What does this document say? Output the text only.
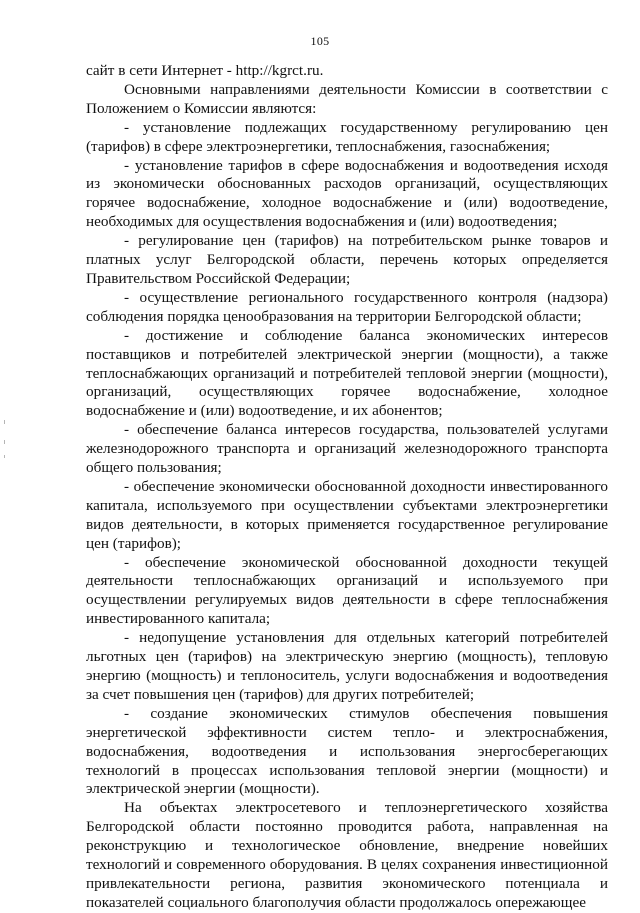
105

сайт в сети Интернет - http://kgrct.ru.

Основными направлениями деятельности Комиссии в соответствии с Положением о Комиссии являются:

- установление подлежащих государственному регулированию цен (тарифов) в сфере электроэнергетики, теплоснабжения, газоснабжения;

- установление тарифов в сфере водоснабжения и водоотведения исходя из экономически обоснованных расходов организаций, осуществляющих горячее водоснабжение, холодное водоснабжение и (или) водоотведение, необходимых для осуществления водоснабжения и (или) водоотведения;

- регулирование цен (тарифов) на потребительском рынке товаров и платных услуг Белгородской области, перечень которых определяется Правительством Российской Федерации;

- осуществление регионального государственного контроля (надзора) соблюдения порядка ценообразования на территории Белгородской области;

- достижение и соблюдение баланса экономических интересов поставщиков и потребителей электрической энергии (мощности), а также теплоснабжающих организаций и потребителей тепловой энергии (мощности), организаций, осуществляющих горячее водоснабжение, холодное водоснабжение и (или) водоотведение, и их абонентов;

- обеспечение баланса интересов государства, пользователей услугами железнодорожного транспорта и организаций железнодорожного транспорта общего пользования;

- обеспечение экономически обоснованной доходности инвестированного капитала, используемого при осуществлении субъектами электроэнергетики видов деятельности, в которых применяется государственное регулирование цен (тарифов);

- обеспечение экономической обоснованной доходности текущей деятельности теплоснабжающих организаций и используемого при осуществлении регулируемых видов деятельности в сфере теплоснабжения инвестированного капитала;

- недопущение установления для отдельных категорий потребителей льготных цен (тарифов) на электрическую энергию (мощность), тепловую энергию (мощность) и теплоноситель, услуги водоснабжения и водоотведения за счет повышения цен (тарифов) для других потребителей;

- создание экономических стимулов обеспечения повышения энергетической эффективности систем тепло- и электроснабжения, водоснабжения, водоотведения и использования энергосберегающих технологий в процессах использования тепловой энергии (мощности) и электрической энергии (мощности).

На объектах электросетевого и теплоэнергетического хозяйства Белгородской области постоянно проводится работа, направленная на реконструкцию и технологическое обновление, внедрение новейших технологий и современного оборудования. В целях сохранения инвестиционной привлекательности региона, развития экономического потенциала и показателей социального благополучия области продолжалось опережающее
